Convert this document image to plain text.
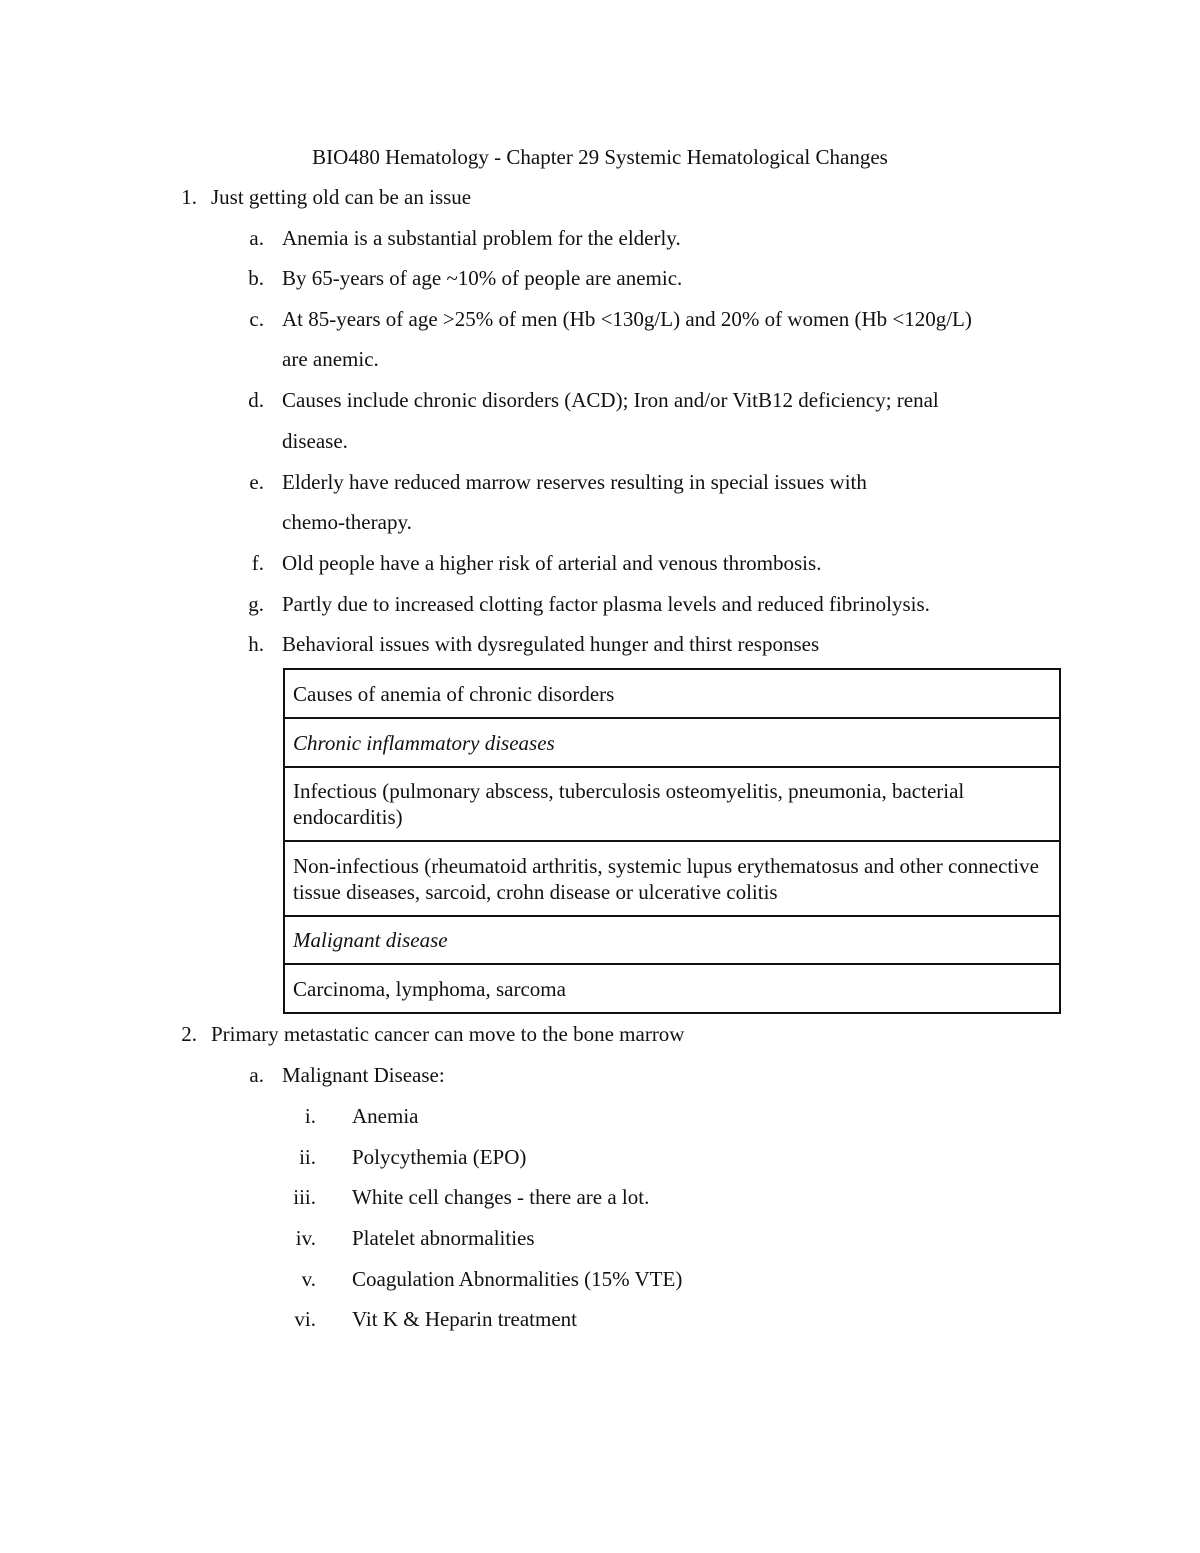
BIO480 Hematology - Chapter 29 Systemic Hematological Changes
1. Just getting old can be an issue
a. Anemia is a substantial problem for the elderly.
b. By 65-years of age ~10% of people are anemic.
c. At 85-years of age >25% of men (Hb <130g/L) and 20% of women (Hb <120g/L)
are anemic.
d. Causes include chronic disorders (ACD); Iron and/or VitB12 deficiency; renal
disease.
e. Elderly have reduced marrow reserves resulting in special issues with
chemo-therapy.
f. Old people have a higher risk of arterial and venous thrombosis.
g. Partly due to increased clotting factor plasma levels and reduced fibrinolysis.
h. Behavioral issues with dysregulated hunger and thirst responses
Causes of anemia of chronic disorders
Chronic inflammatory diseases
Infectious (pulmonary abscess, tuberculosis osteomyelitis, pneumonia, bacterial endocarditis)
Non-infectious (rheumatoid arthritis, systemic lupus erythematosus and other connective tissue diseases, sarcoid, crohn disease or ulcerative colitis
Malignant disease
Carcinoma, lymphoma, sarcoma
2. Primary metastatic cancer can move to the bone marrow
a. Malignant Disease:
i. Anemia
ii. Polycythemia (EPO)
iii. White cell changes - there are a lot.
iv. Platelet abnormalities
v. Coagulation Abnormalities (15% VTE)
vi. Vit K & Heparin treatment
